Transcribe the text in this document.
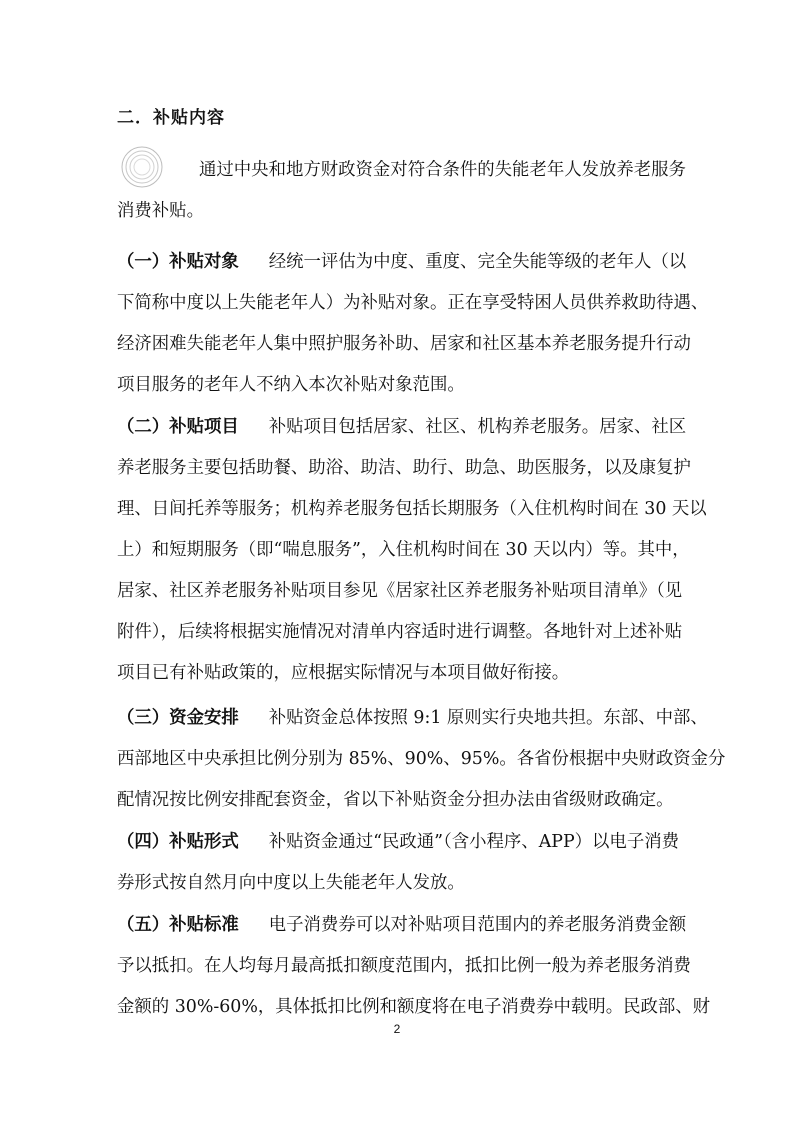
二．补贴内容
通过中央和地方财政资金对符合条件的失能老年人发放养老服务
消费补贴。
（一）补贴对象 经统一评估为中度、重度、完全失能等级的老年人（以
下简称中度以上失能老年人）为补贴对象。正在享受特困人员供养救助待遇、
经济困难失能老年人集中照护服务补助、居家和社区基本养老服务提升行动
项目服务的老年人不纳入本次补贴对象范围。
（二）补贴项目 补贴项目包括居家、社区、机构养老服务。居家、社区
养老服务主要包括助餐、助浴、助洁、助行、助急、助医服务，以及康复护
理、日间托养等服务；机构养老服务包括长期服务（入住机构时间在 30 天以
上）和短期服务（即“喘息服务”，入住机构时间在 30 天以内）等。其中，
居家、社区养老服务补贴项目参见《居家社区养老服务补贴项目清单》（见
附件），后续将根据实施情况对清单内容适时进行调整。各地针对上述补贴
项目已有补贴政策的，应根据实际情况与本项目做好衔接。
（三）资金安排 补贴资金总体按照 9:1 原则实行央地共担。东部、中部、
西部地区中央承担比例分别为 85%、90%、95%。各省份根据中央财政资金分
配情况按比例安排配套资金，省以下补贴资金分担办法由省级财政确定。
（四）补贴形式 补贴资金通过“民政通”（含小程序、APP）以电子消费
券形式按自然月向中度以上失能老年人发放。
（五）补贴标准 电子消费券可以对补贴项目范围内的养老服务消费金额
予以抵扣。在人均每月最高抵扣额度范围内，抵扣比例一般为养老服务消费
金额的 30%-60%，具体抵扣比例和额度将在电子消费券中载明。民政部、财
2
